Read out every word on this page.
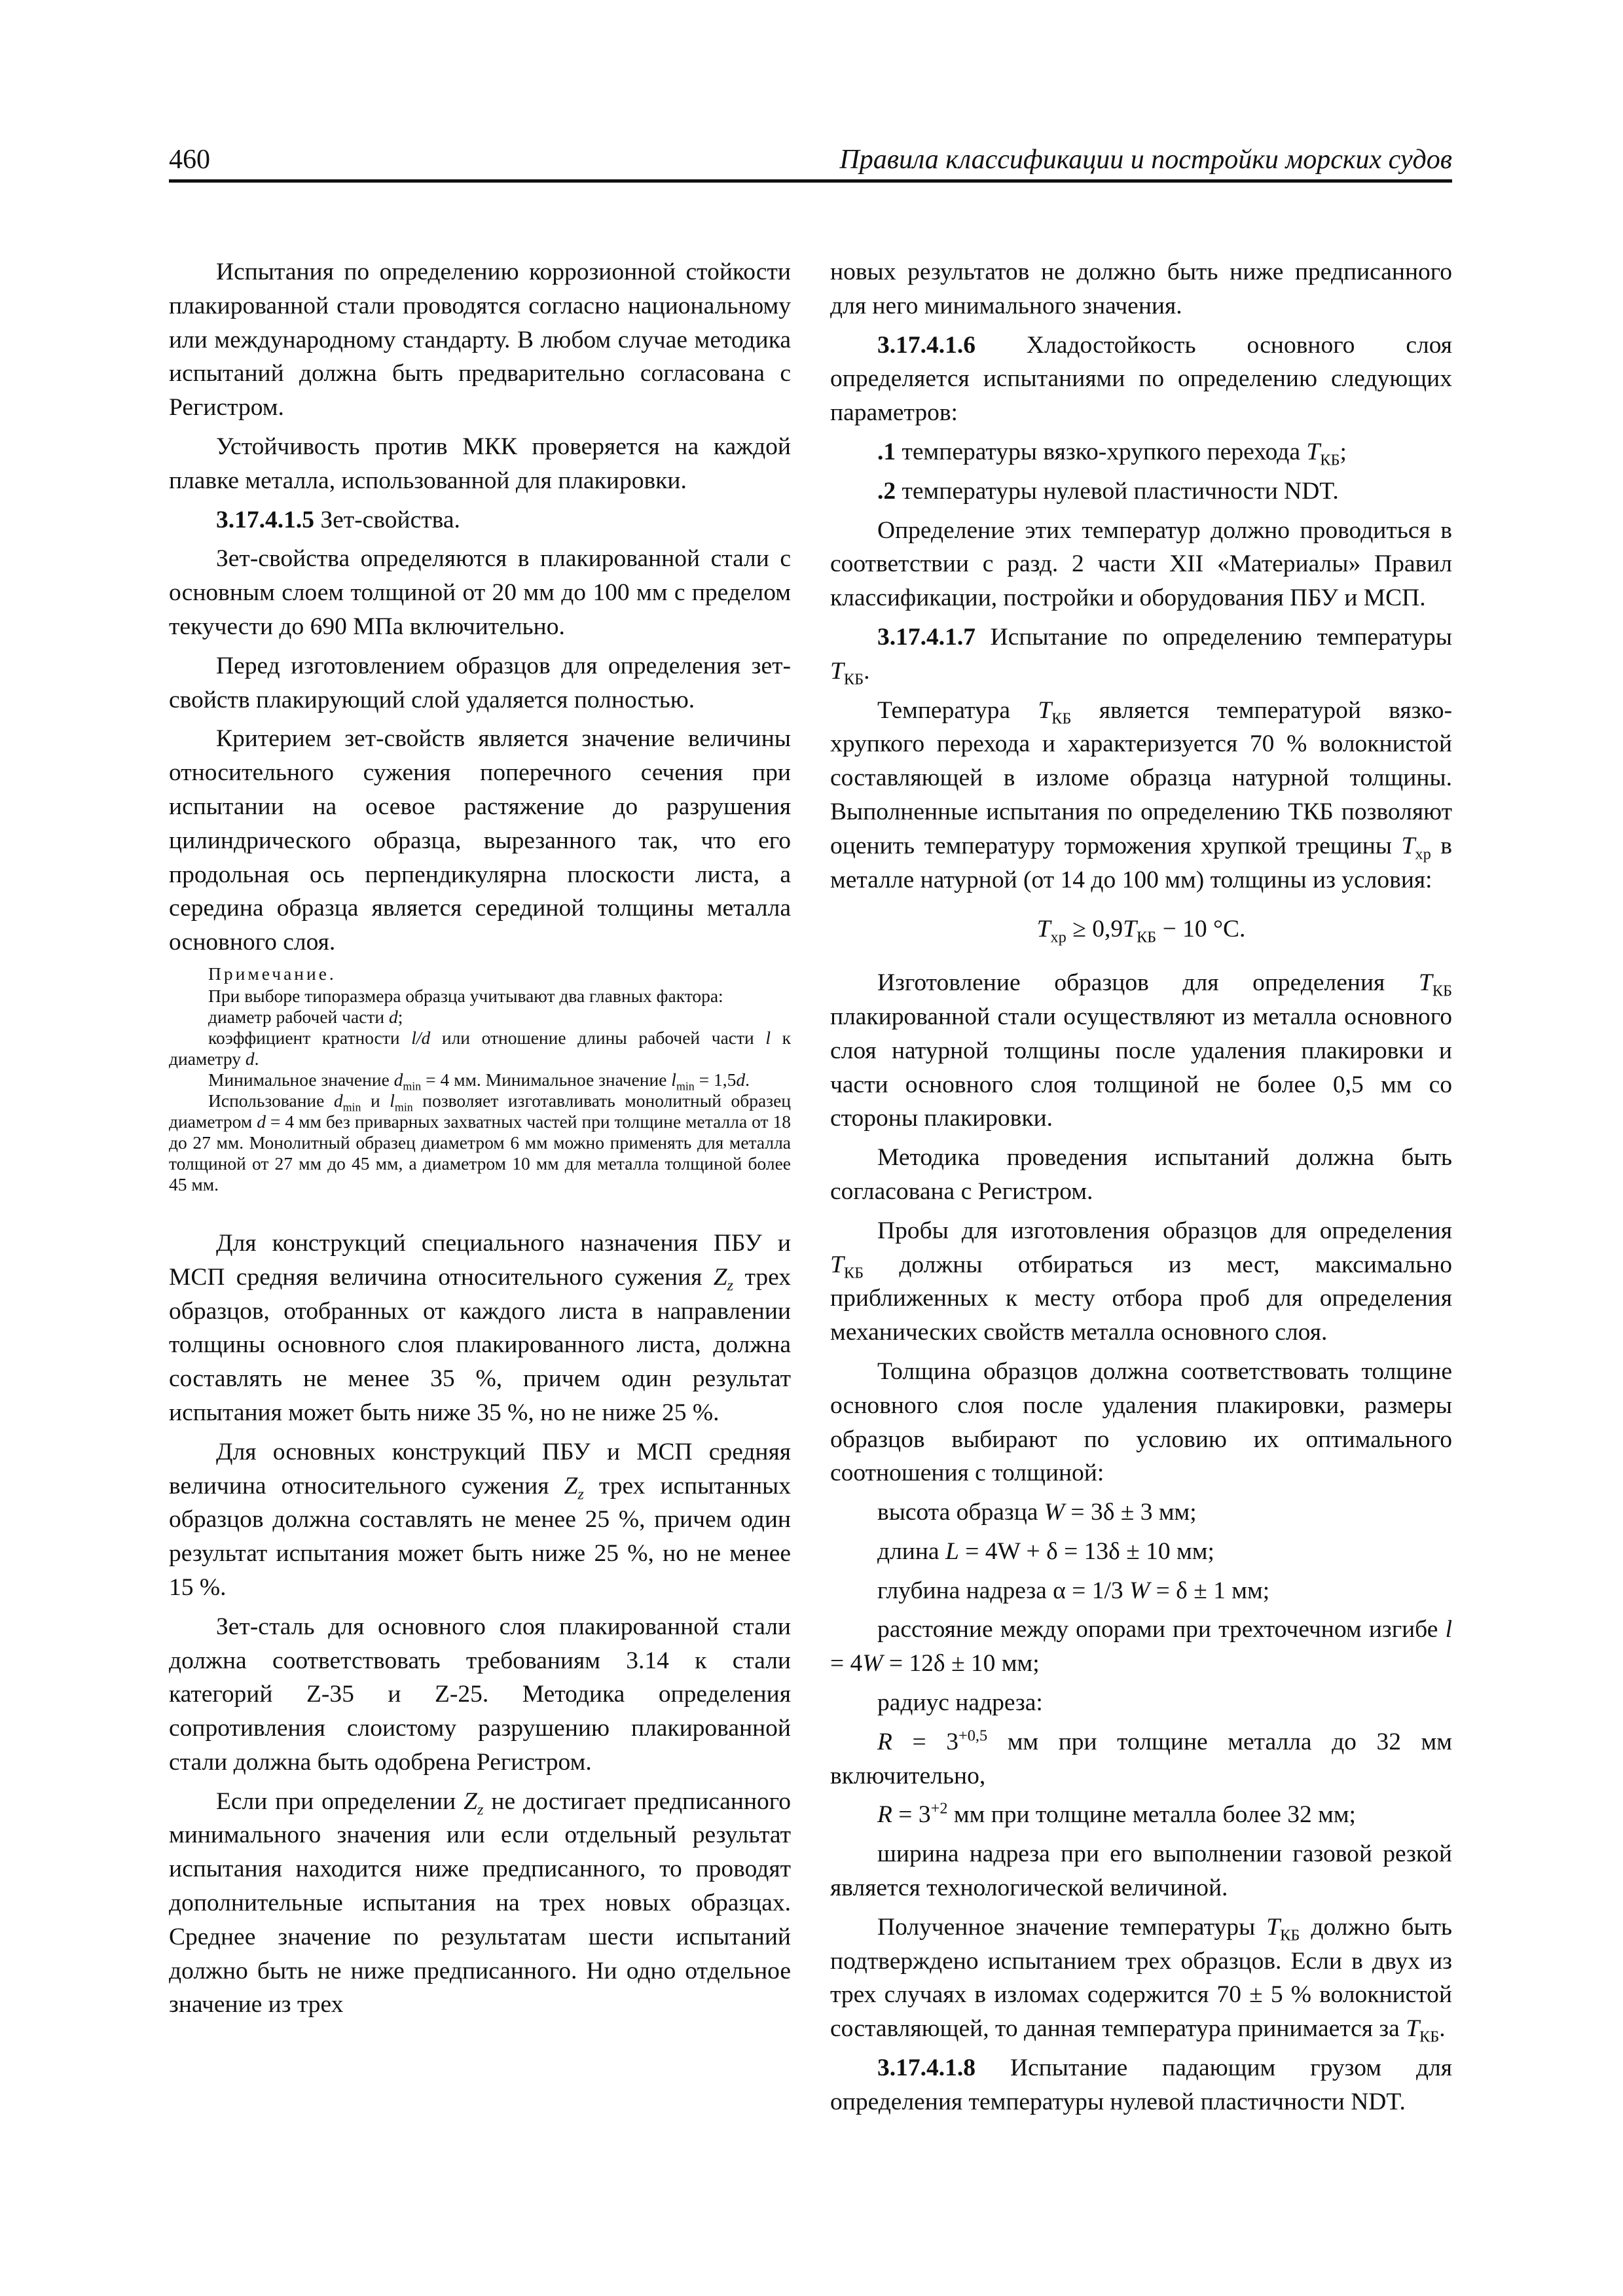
460	Правила классификации и постройки морских судов

Испытания по определению коррозионной стойкости плакированной стали проводятся согласно национальному или международному стандарту. В любом случае методика испытаний должна быть предварительно согласована с Регистром.

Устойчивость против МКК проверяется на каждой плавке металла, использованной для плакировки.

3.17.4.1.5 Зет-свойства.

Зет-свойства определяются в плакированной стали с основным слоем толщиной от 20 мм до 100 мм с пределом текучести до 690 МПа включительно.

Перед изготовлением образцов для определения зет-свойств плакирующий слой удаляется полностью.

Критерием зет-свойств является значение величины относительного сужения поперечного сечения при испытании на осевое растяжение до разрушения цилиндрического образца, вырезанного так, что его продольная ось перпендикулярна плоскости листа, а середина образца является серединой толщины металла основного слоя.

Примечание.

При выборе типоразмера образца учитывают два главных фактора:

диаметр рабочей части d;

коэффициент кратности l/d или отношение длины рабочей части l к диаметру d.

Минимальное значение $d_{min} = 4$ мм. Минимальное значение $l_{min} = 1,5d$.

Использование $d_{min}$ и $l_{min}$ позволяет изготавливать монолитный образец диаметром d = 4 мм без приварных захватных частей при толщине металла от 18 до 27 мм. Монолитный образец диаметром 6 мм можно применять для металла толщиной от 27 мм до 45 мм, а диаметром 10 мм для металла толщиной более 45 мм.

Для конструкций специального назначения ПБУ и МСП средняя величина относительного сужения $Z_z$ трех образцов, отобранных от каждого листа в направлении толщины основного слоя плакированного листа, должна составлять не менее 35 %, причем один результат испытания может быть ниже 35 %, но не ниже 25 %.

Для основных конструкций ПБУ и МСП средняя величина относительного сужения $Z_z$ трех испытанных образцов должна составлять не менее 25 %, причем один результат испытания может быть ниже 25 %, но не менее 15 %.

Зет-сталь для основного слоя плакированной стали должна соответствовать требованиям 3.14 к стали категорий Z-35 и Z-25. Методика определения сопротивления слоистому разрушению плакированной стали должна быть одобрена Регистром.

Если при определении $Z_z$ не достигает предписанного минимального значения или если отдельный результат испытания находится ниже предписанного, то проводят дополнительные испытания на трех новых образцах. Среднее значение по результатам шести испытаний должно быть не ниже предписанного. Ни одно отдельное значение из трех

новых результатов не должно быть ниже предписанного для него минимального значения.

3.17.4.1.6 Хладостойкость основного слоя определяется испытаниями по определению следующих параметров:

.1 температуры вязко-хрупкого перехода $T_{КБ}$;

.2 температуры нулевой пластичности NDT.

Определение этих температур должно проводиться в соответствии с разд. 2 части XII «Материалы» Правил классификации, постройки и оборудования ПБУ и МСП.

3.17.4.1.7 Испытание по определению температуры $T_{КБ}$.

Температура $T_{КБ}$ является температурой вязко-хрупкого перехода и характеризуется 70 % волокнистой составляющей в изломе образца натурной толщины. Выполненные испытания по определению ТКБ позволяют оценить температуру торможения хрупкой трещины $T_{хр}$ в металле натурной (от 14 до 100 мм) толщины из условия:

$T_{хр} \ge 0,9T_{КБ} - 10$ °C.

Изготовление образцов для определения $T_{КБ}$ плакированной стали осуществляют из металла основного слоя натурной толщины после удаления плакировки и части основного слоя толщиной не более 0,5 мм со стороны плакировки.

Методика проведения испытаний должна быть согласована с Регистром.

Пробы для изготовления образцов для определения $T_{КБ}$ должны отбираться из мест, максимально приближенных к месту отбора проб для определения механических свойств металла основного слоя.

Толщина образцов должна соответствовать толщине основного слоя после удаления плакировки, размеры образцов выбирают по условию их оптимального соотношения с толщиной:

высота образца W = 3δ ± 3 мм;

длина L = 4W + δ = 13δ ± 10 мм;

глубина надреза α = 1/3 W = δ ± 1 мм;

расстояние между опорами при трехточечном изгибе l = 4W = 12δ ± 10 мм;

радиус надреза:

$R = 3^{+0,5}$ мм при толщине металла до 32 мм включительно,

$R = 3^{+2}$ мм при толщине металла более 32 мм;

ширина надреза при его выполнении газовой резкой является технологической величиной.

Полученное значение температуры $T_{КБ}$ должно быть подтверждено испытанием трех образцов. Если в двух из трех случаях в изломах содержится 70 ± 5 % волокнистой составляющей, то данная температура принимается за $T_{КБ}$.

3.17.4.1.8 Испытание падающим грузом для определения температуры нулевой пластичности NDT.
